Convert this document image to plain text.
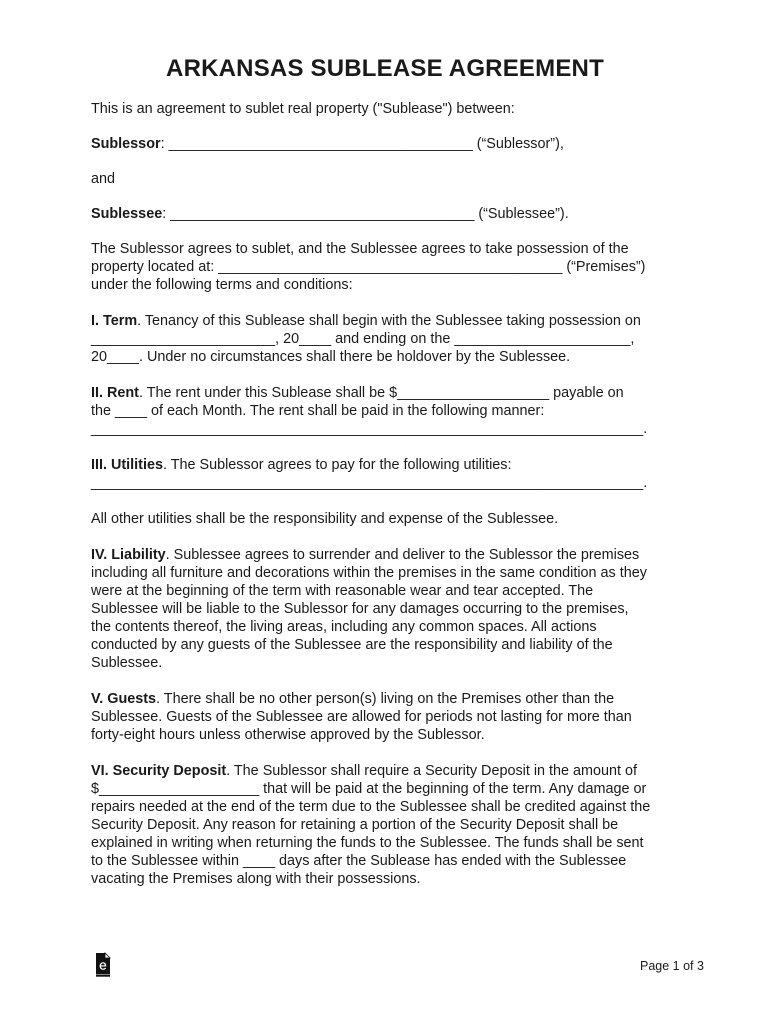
ARKANSAS SUBLEASE AGREEMENT

This is an agreement to sublet real property ("Sublease") between:

Sublessor: ______________________________________ (“Sublessor”),

and

Sublessee: ______________________________________ (“Sublessee”).

The Sublessor agrees to sublet, and the Sublessee agrees to take possession of the
property located at: ___________________________________________ (“Premises”)
under the following terms and conditions:

I. Term. Tenancy of this Sublease shall begin with the Sublessee taking possession on
_______________________, 20____ and ending on the ______________________,
20____. Under no circumstances shall there be holdover by the Sublessee.

II. Rent. The rent under this Sublease shall be $___________________ payable on
the ____ of each Month. The rent shall be paid in the following manner:
_____________________________________________________________________.

III. Utilities. The Sublessor agrees to pay for the following utilities:
_____________________________________________________________________.

All other utilities shall be the responsibility and expense of the Sublessee.

IV. Liability. Sublessee agrees to surrender and deliver to the Sublessor the premises
including all furniture and decorations within the premises in the same condition as they
were at the beginning of the term with reasonable wear and tear accepted. The
Sublessee will be liable to the Sublessor for any damages occurring to the premises,
the contents thereof, the living areas, including any common spaces. All actions
conducted by any guests of the Sublessee are the responsibility and liability of the
Sublessee.

V. Guests. There shall be no other person(s) living on the Premises other than the
Sublessee. Guests of the Sublessee are allowed for periods not lasting for more than
forty-eight hours unless otherwise approved by the Sublessor.

VI. Security Deposit. The Sublessor shall require a Security Deposit in the amount of
$____________________ that will be paid at the beginning of the term. Any damage or
repairs needed at the end of the term due to the Sublessee shall be credited against the
Security Deposit. Any reason for retaining a portion of the Security Deposit shall be
explained in writing when returning the funds to the Sublessee. The funds shall be sent
to the Sublessee within ____ days after the Sublease has ended with the Sublessee
vacating the Premises along with their possessions.

Page 1 of 3
